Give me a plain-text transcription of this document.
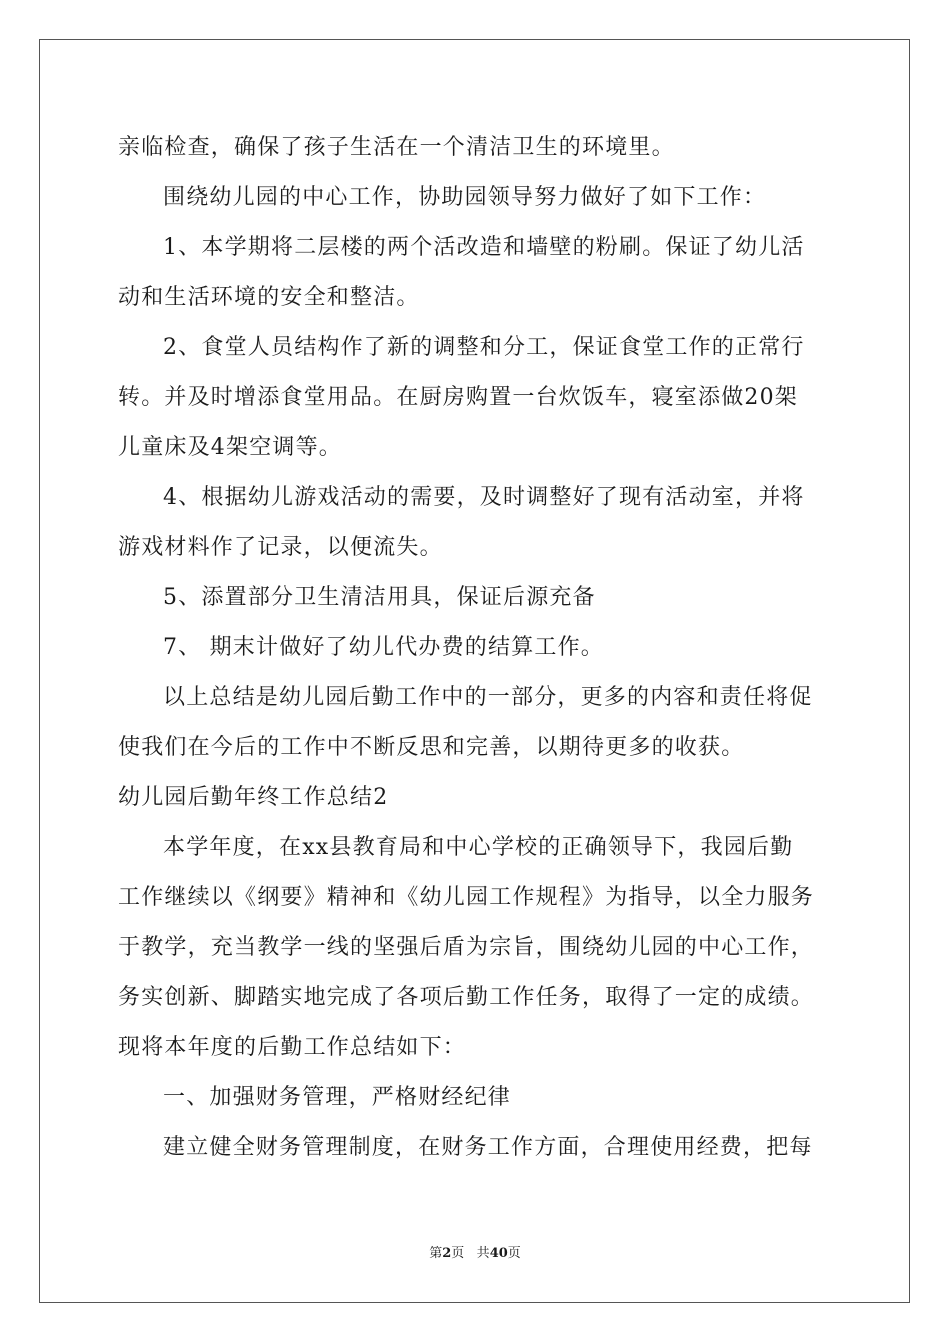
亲临检查，确保了孩子生活在一个清洁卫生的环境里。
围绕幼儿园的中心工作，协助园领导努力做好了如下工作：
1、本学期将二层楼的两个活改造和墙壁的粉刷。保证了幼儿活
动和生活环境的安全和整洁。
2、食堂人员结构作了新的调整和分工，保证食堂工作的正常行
转。并及时增添食堂用品。在厨房购置一台炊饭车，寝室添做20架
儿童床及4架空调等。
4、根据幼儿游戏活动的需要，及时调整好了现有活动室，并将
游戏材料作了记录，以便流失。
5、添置部分卫生清洁用具，保证后源充备
7、 期末计做好了幼儿代办费的结算工作。
以上总结是幼儿园后勤工作中的一部分，更多的内容和责任将促
使我们在今后的工作中不断反思和完善，以期待更多的收获。
幼儿园后勤年终工作总结2
本学年度，在xx县教育局和中心学校的正确领导下，我园后勤
工作继续以《纲要》精神和《幼儿园工作规程》为指导，以全力服务
于教学，充当教学一线的坚强后盾为宗旨，围绕幼儿园的中心工作，
务实创新、脚踏实地完成了各项后勤工作任务，取得了一定的成绩。
现将本年度的后勤工作总结如下：
一、加强财务管理，严格财经纪律
建立健全财务管理制度，在财务工作方面，合理使用经费，把每
第2页 共40页
